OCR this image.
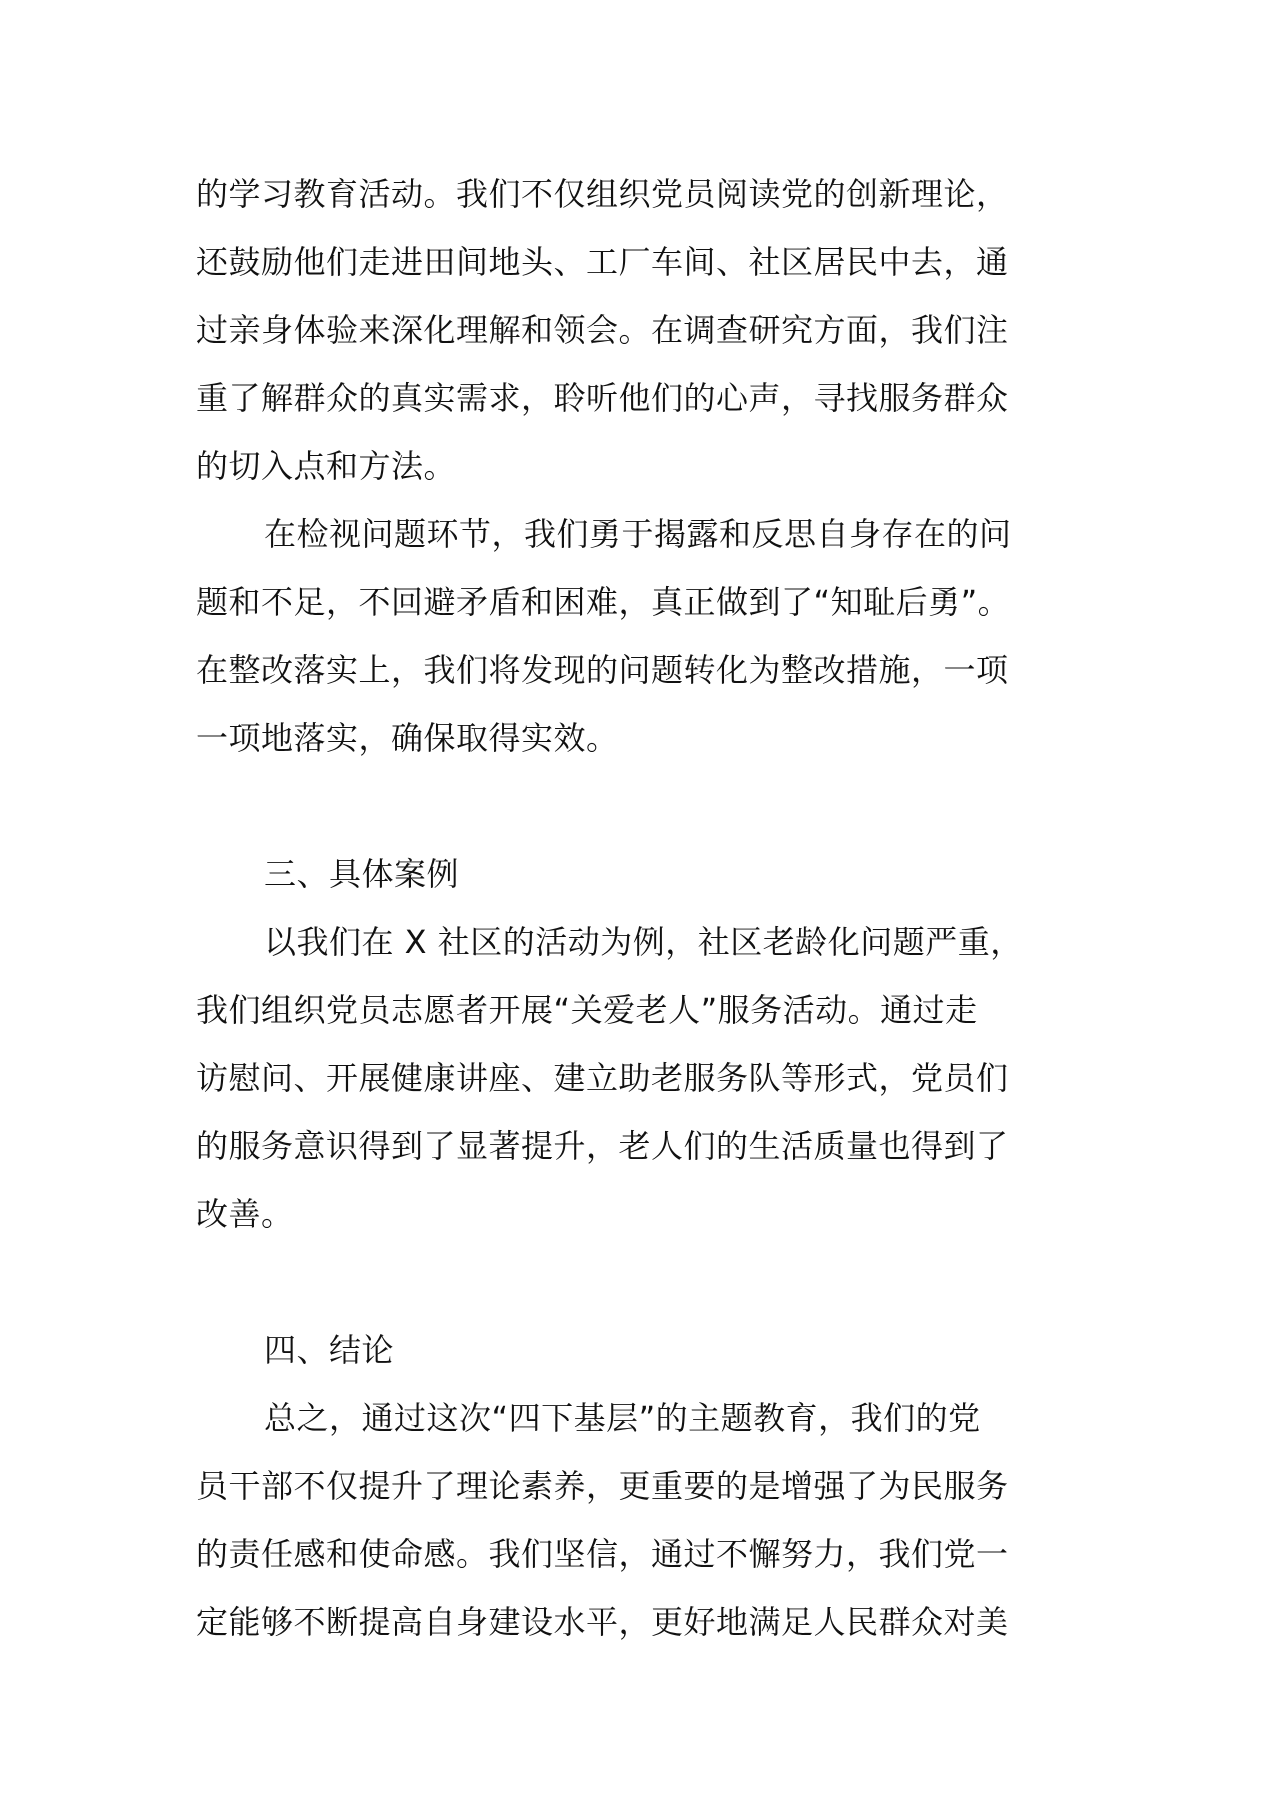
的学习教育活动。我们不仅组织党员阅读党的创新理论，
还鼓励他们走进田间地头、工厂车间、社区居民中去，通
过亲身体验来深化理解和领会。在调查研究方面，我们注
重了解群众的真实需求，聆听他们的心声，寻找服务群众
的切入点和方法。
在检视问题环节，我们勇于揭露和反思自身存在的问
题和不足，不回避矛盾和困难，真正做到了“知耻后勇”。
在整改落实上，我们将发现的问题转化为整改措施，一项
一项地落实，确保取得实效。
三、具体案例
以我们在 X 社区的活动为例，社区老龄化问题严重，
我们组织党员志愿者开展“关爱老人”服务活动。通过走
访慰问、开展健康讲座、建立助老服务队等形式，党员们
的服务意识得到了显著提升，老人们的生活质量也得到了
改善。
四、结论
总之，通过这次“四下基层”的主题教育，我们的党
员干部不仅提升了理论素养，更重要的是增强了为民服务
的责任感和使命感。我们坚信，通过不懈努力，我们党一
定能够不断提高自身建设水平，更好地满足人民群众对美
